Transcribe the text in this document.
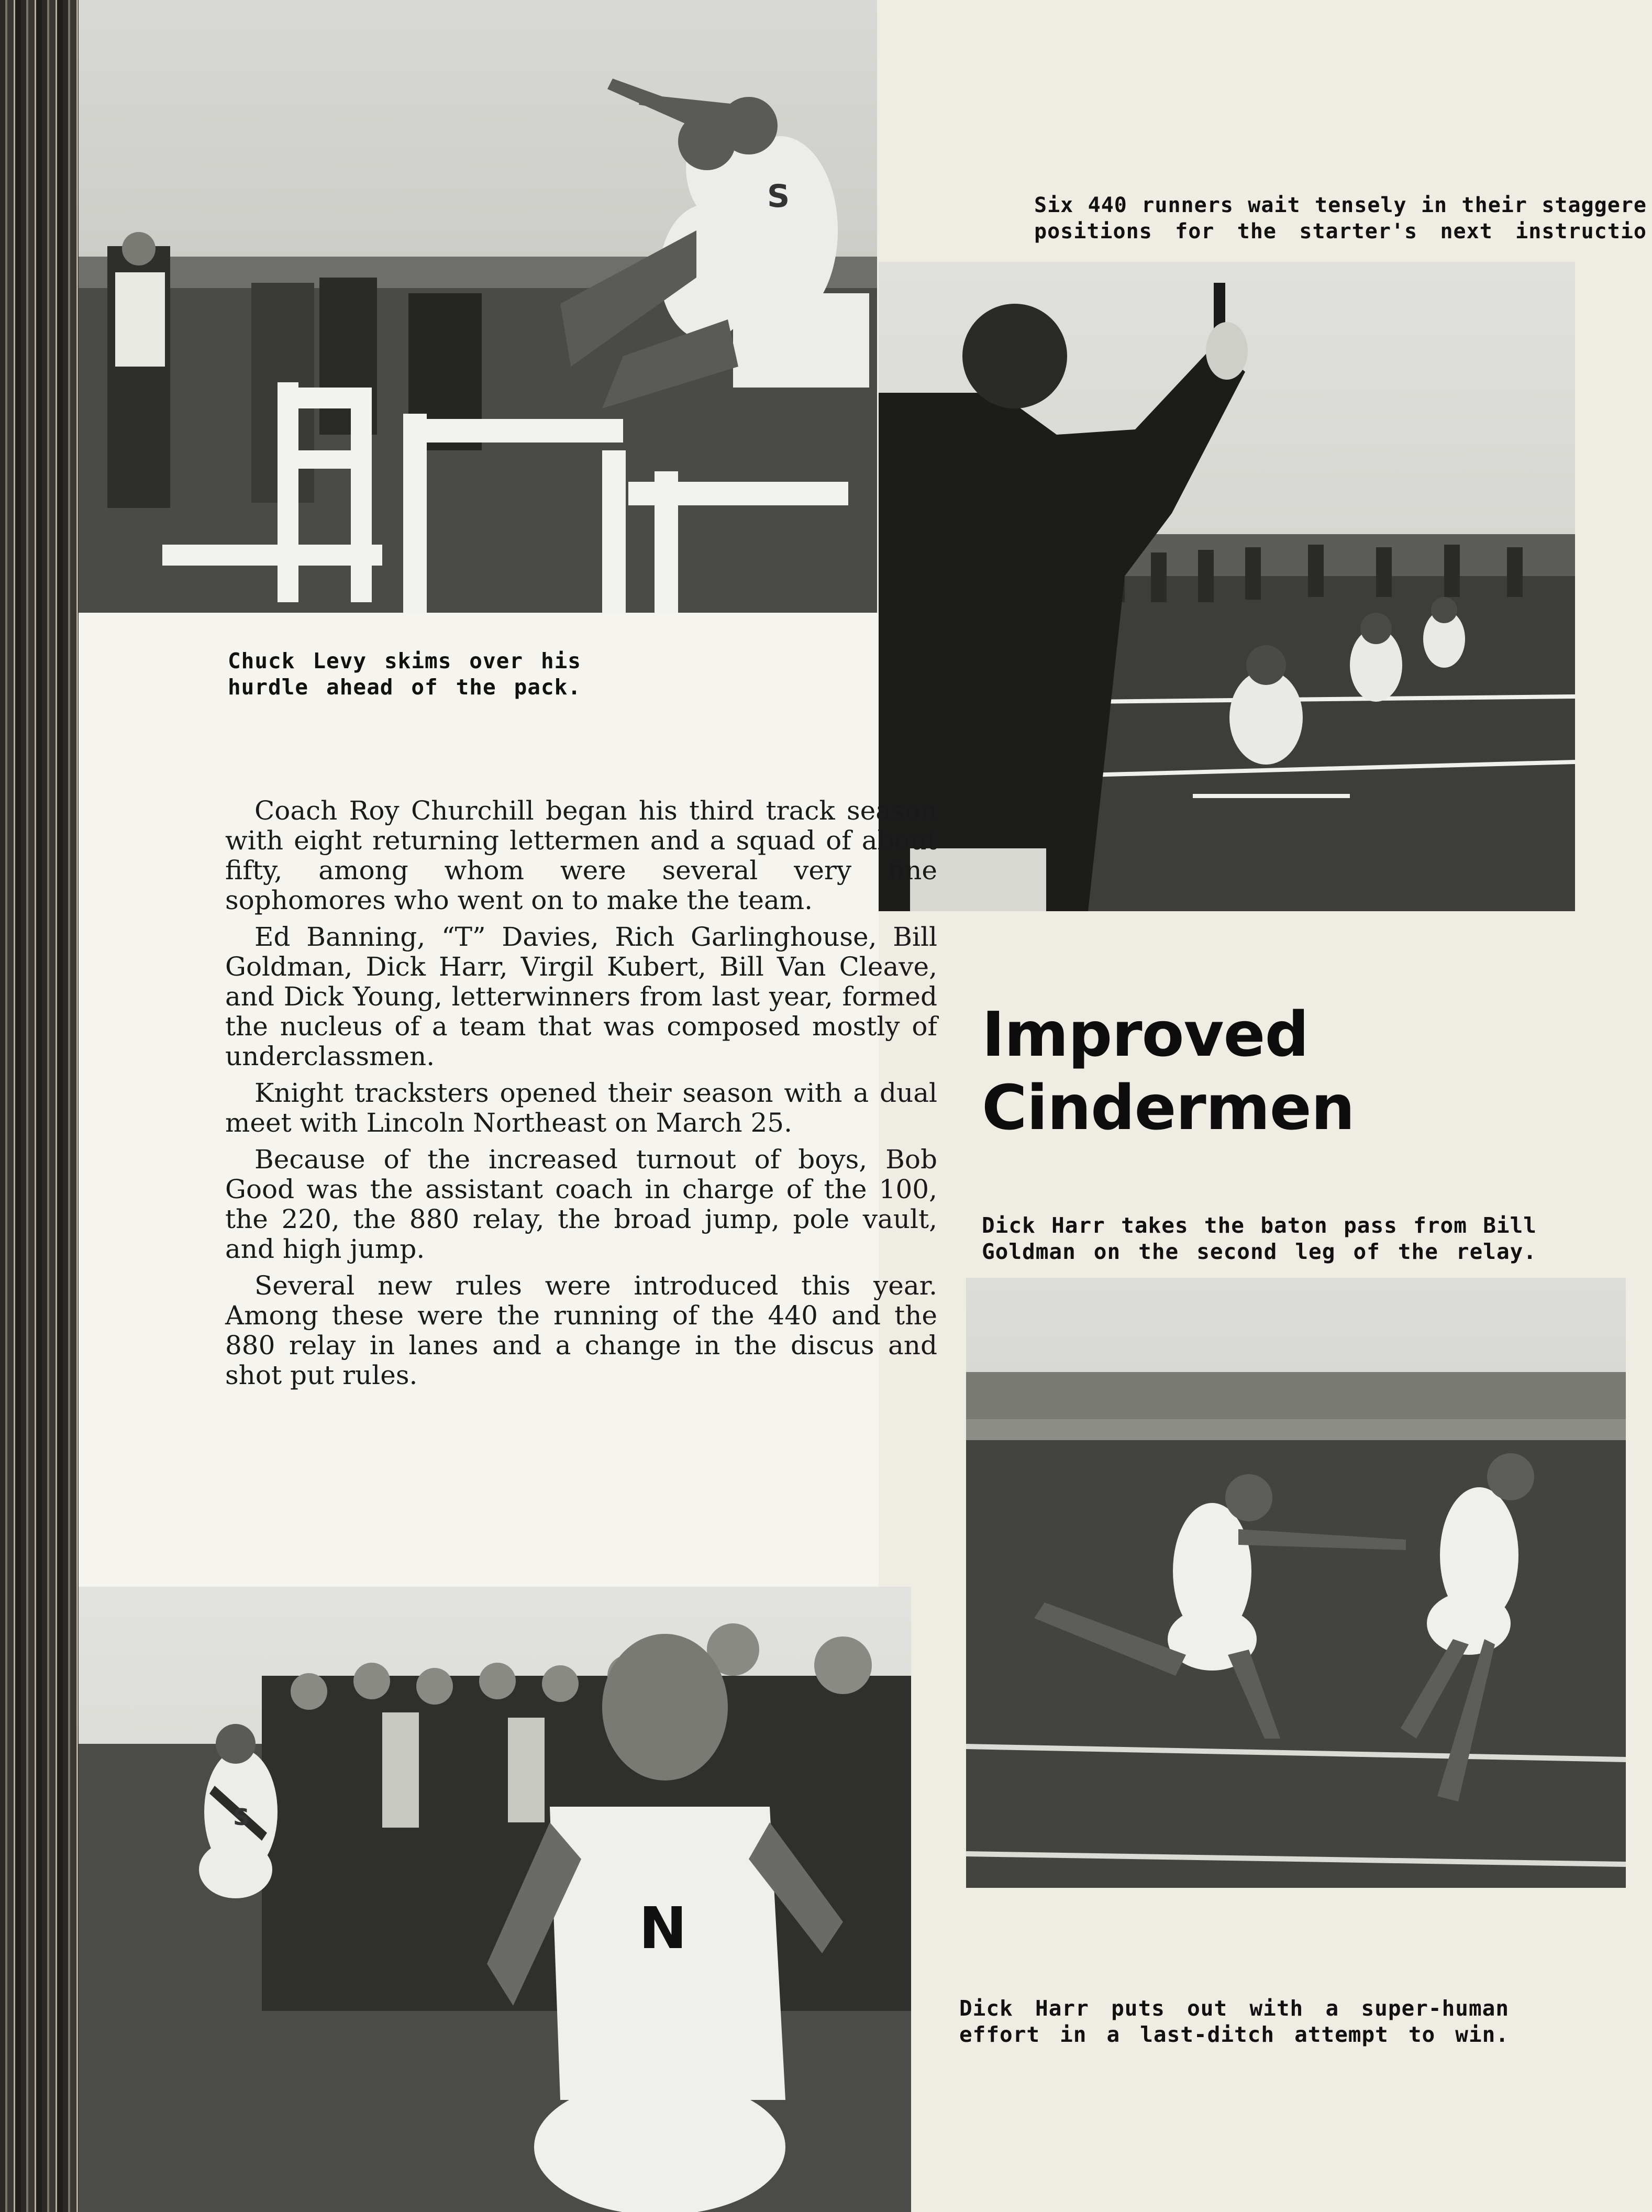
S
Chuck Levy skims over his hurdle ahead of the pack.
Six 440 runners wait tensely in their staggere positions for the starter's next instructio

Coach Roy Churchill began his third track season with eight returning lettermen and a squad of about fifty, among whom were several very fine sophomores who went on to make the team.

Ed Banning, “T” Davies, Rich Garlinghouse, Bill Goldman, Dick Harr, Virgil Kubert, Bill Van Cleave, and Dick Young, letterwinners from last year, formed the nucleus of a team that was composed mostly of underclassmen.

Knight tracksters opened their season with a dual meet with Lincoln Northeast on March 25.

Because of the increased turnout of boys, Bob Good was the assistant coach in charge of the 100, the 220, the 880 relay, the broad jump, pole vault, and high jump.

Several new rules were introduced this year. Among these were the running of the 440 and the 880 relay in lanes and a change in the discus and shot put rules.

Improved Cindermen
Dick Harr takes the baton pass from Bill Goldman on the second leg of the relay.
S
N
Dick Harr puts out with a super-human effort in a last-ditch attempt to win.
